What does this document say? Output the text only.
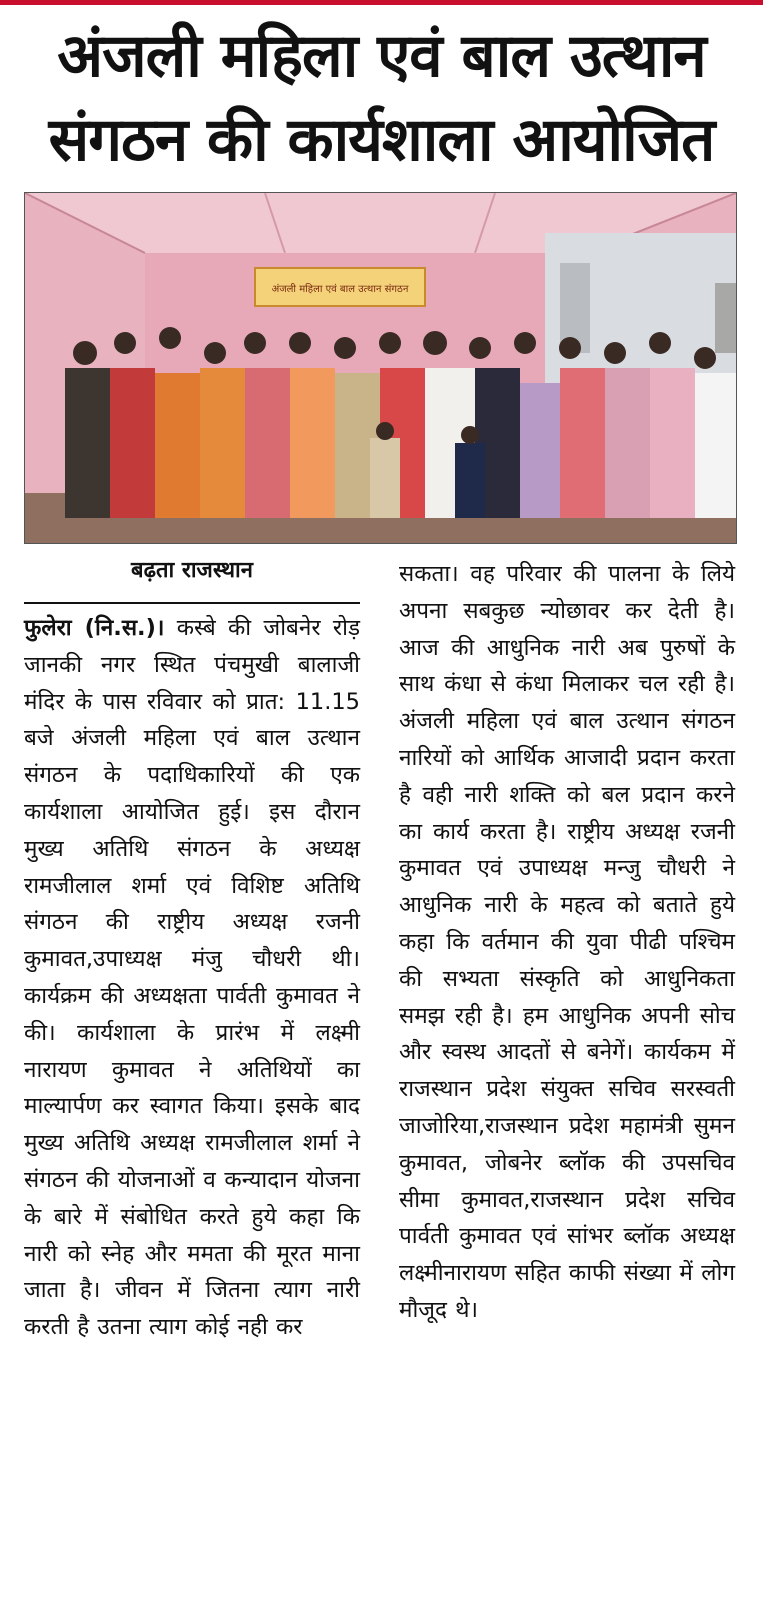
अंजली महिला एवं बाल उत्थान
संगठन की कार्यशाला आयोजित
अंजली महिला एवं बाल उत्थान संगठन
बढ़ता राजस्थान

फुलेरा (नि.स.)। कस्बे की जोबनेर रोड़ जानकी नगर स्थित पंचमुखी बालाजी मंदिर के पास रविवार को प्रात: 11.15 बजे अंजली महिला एवं बाल उत्थान संगठन के पदाधिकारियों की एक कार्यशाला आयोजित हुई। इस दौरान मुख्य अतिथि संगठन के अध्यक्ष रामजीलाल शर्मा एवं विशिष्ट अतिथि संगठन की राष्ट्रीय अध्यक्ष रजनी कुमावत,उपाध्यक्ष मंजु चौधरी थी। कार्यक्रम की अध्यक्षता पार्वती कुमावत ने की। कार्यशाला के प्रारंभ में लक्ष्मी नारायण कुमावत ने अतिथियों का माल्यार्पण कर स्वागत किया। इसके बाद मुख्य अतिथि अध्यक्ष रामजीलाल शर्मा ने संगठन की योजनाओं व कन्यादान योजना के बारे में संबोधित करते हुये कहा कि नारी को स्नेह और ममता की मूरत माना जाता है। जीवन में जितना त्याग नारी करती है उतना त्याग कोई नही कर

सकता। वह परिवार की पालना के लिये अपना सबकुछ न्योछावर कर देती है। आज की आधुनिक नारी अब पुरुषों के साथ कंधा से कंधा मिलाकर चल रही है। अंजली महिला एवं बाल उत्थान संगठन नारियों को आर्थिक आजादी प्रदान करता है वही नारी शक्ति को बल प्रदान करने का कार्य करता है। राष्ट्रीय अध्यक्ष रजनी कुमावत एवं उपाध्यक्ष मन्जु चौधरी ने आधुनिक नारी के महत्व को बताते हुये कहा कि वर्तमान की युवा पीढी पश्चिम की सभ्यता संस्कृति को आधुनिकता समझ रही है। हम आधुनिक अपनी सोच और स्वस्थ आदतों से बनेगें। कार्यकम में राजस्थान प्रदेश संयुक्त सचिव सरस्वती जाजोरिया,राजस्थान प्रदेश महामंत्री सुमन कुमावत, जोबनेर ब्लॉक की उपसचिव सीमा कुमावत,राजस्थान प्रदेश सचिव पार्वती कुमावत एवं सांभर ब्लॉक अध्यक्ष लक्ष्मीनारायण सहित काफी संख्या में लोग मौजूद थे।
